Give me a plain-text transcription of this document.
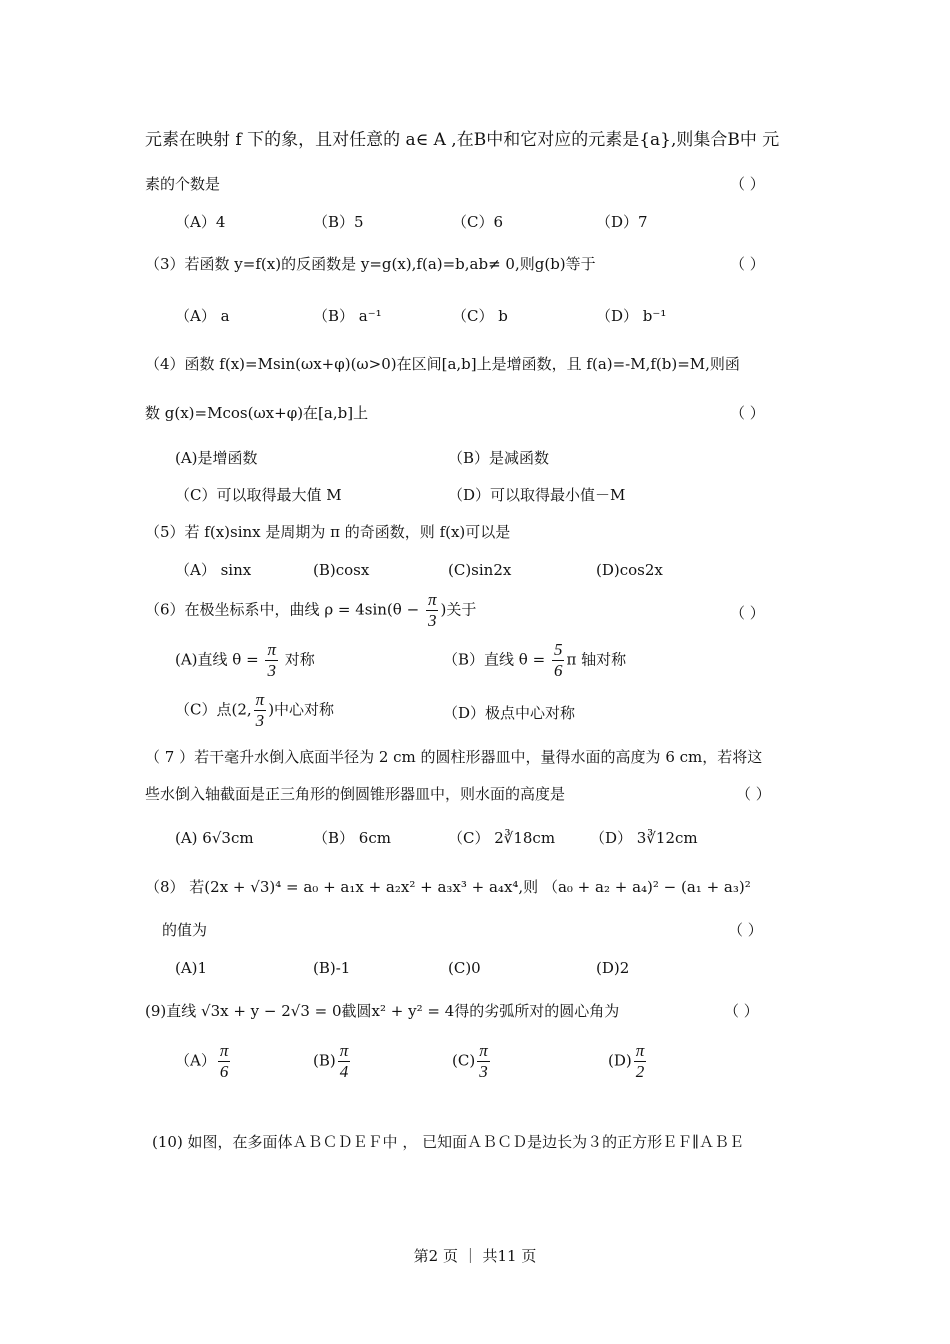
元素在映射 f 下的象，且对任意的 a∈ A ,在B中和它对应的元素是{a},则集合B中 元
素的个数是	（ ）
（A）4	（B）5	（C）6	（D）7
（3）若函数 y=f(x)的反函数是 y=g(x),f(a)=b,ab≠ 0,则g(b)等于	（ ）
（A） a	（B） a⁻¹	（C） b	（D） b⁻¹
（4）函数 f(x)=Msin(ωx+φ)(ω>0)在区间[a,b]上是增函数，且 f(a)=-M,f(b)=M,则函
数 g(x)=Mcos(ωx+φ)在[a,b]上	（ ）
(A)是增函数	（B）是减函数
（C）可以取得最大值 M	（D）可以取得最小值－M
（5）若 f(x)sinx 是周期为 π 的奇函数，则 f(x)可以是
（A） sinx	(B)cosx	(C)sin2x	(D)cos2x
（6）在极坐标系中，曲线 $\rho = 4\sin(\theta - \frac{\pi}{3}$ )关于	（ ）
(A)直线 $\theta = \frac{\pi}{3}$ 对称	（B）直线 $\theta = \frac{5}{6}$ π 轴对称
（C）点(2, $\frac{\pi}{3}$ )中心对称	（D）极点中心对称
（ 7 ）若干毫升水倒入底面半径为 2 cm 的圆柱形器皿中，量得水面的高度为 6 cm，若将这
些水倒入轴截面是正三角形的倒圆锥形器皿中，则水面的高度是	（ ）
(A) 6√3cm	（B） 6cm	（C） 2∛18cm （D） 3∛12cm
（8） 若(2x + √3)⁴ = a₀ + a₁x + a₂x² + a₃x³ + a₄x⁴,则 （a₀ + a₂ + a₄)² − (a₁ + a₃)²
的值为	（ ）
(A)1	(B)-1	(C)0	(D)2
(9)直线 √3x + y − 2√3 = 0截圆x² + y² = 4得的劣弧所对的圆心角为	（ ）
$(A) \frac{\pi}{6}$	$(B) \frac{\pi}{4}$	$(C) \frac{\pi}{3}$	$(D) \frac{\pi}{2}$
(10) 如图，在多面体ＡＢＣＤＥＦ中 ， 已知面ＡＢＣＤ是边长为３的正方形ＥＦ∥ＡＢＥ
第2 页 ｜ 共11 页
